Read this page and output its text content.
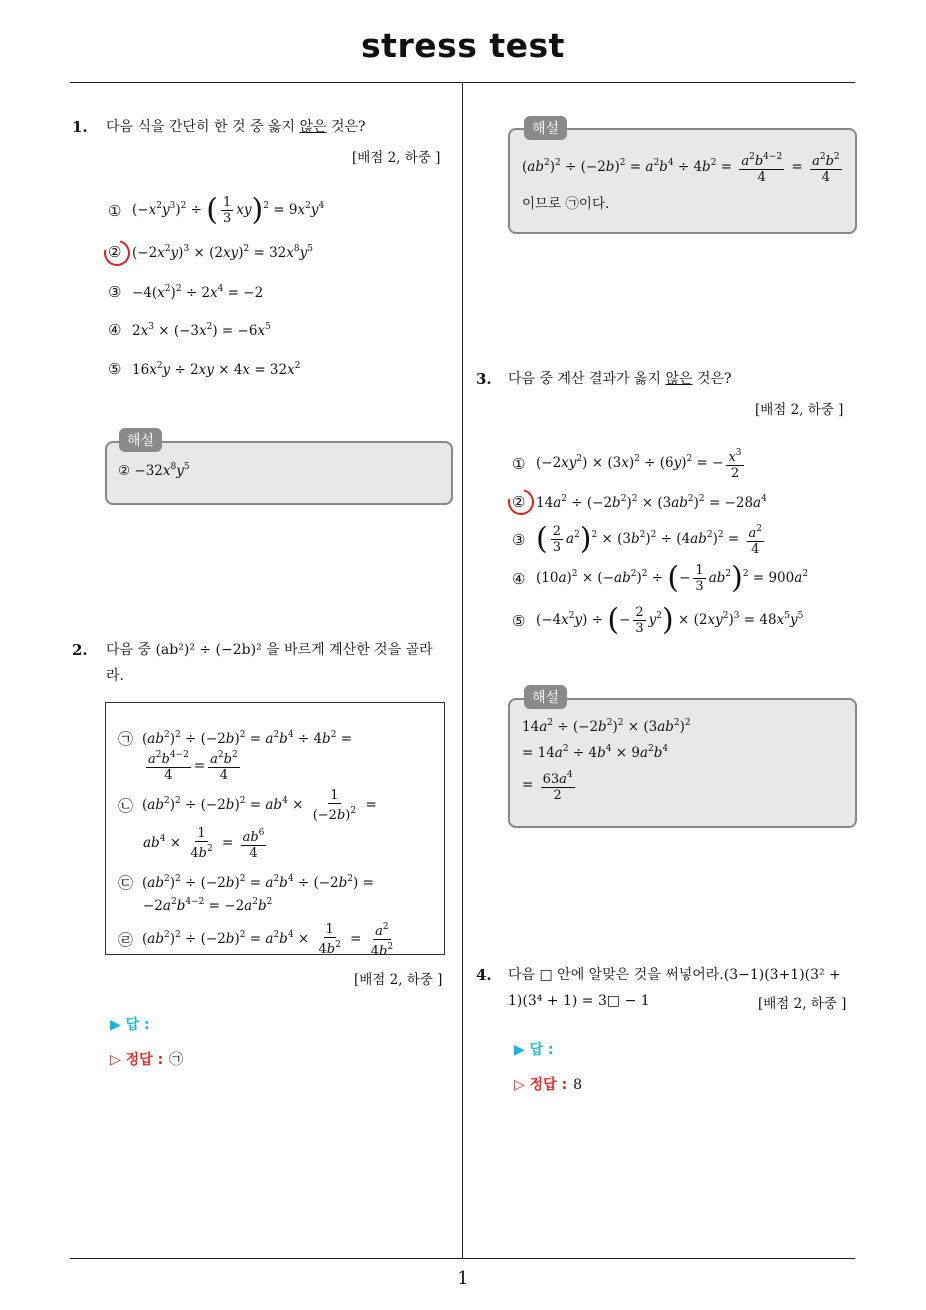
stress test
1
1. 다음 식을 간단히 한 것 중 옳지 않은 것은?
[배점 2, 하중 ]
① $(-x^2y^3)^2$ ÷ ( $\frac{1}{3} xy)^2 = 9x^2y^4$
② $(-2x^2y)^3 \times (2xy)^2 = 32x^8y^5$
③ $-4(x^2)^2 \div 2x^4 = -2$
④ $2x^3 \times (-3x^2) = -6x^5$
⑤ $16x^2y \div 2xy \times 4x = 32x^2$
해설
②
$-32x^8y^5$
2. 다음 중 (ab²)² ÷ (−2b)² 을 바르게 계산한 것을 골라
라.
㉠ $(ab^2)^2 \div (-2b)^2 = a^2b^4 \div 4b^2$ =
$\frac{a^2b^{4-2}}{4} = \frac{a^2b^2}{4}$
㉡ $(ab^2)^2 \div (-2b)^2 = ab^4 \times \frac{1}{(-2b)^2}$ =
$ab^4 \times \frac{1}{4b^2} = \frac{ab^6}{4}$
㉢ $(ab^2)^2 \div (-2b)^2 = a^2b^4 \div (-2b^2)$ =
$-2a^2b^{4-2} = -2a^2b^2$
㉣ $(ab^2)^2 \div (-2b)^2 = a^2b^4 \times \frac{1}{4b^2} = \frac{a^2}{4b^2}$
[배점 2, 하중 ]
▶ 답 :
▷ 정답 : ㉠
해설
$(ab^2)^2 \div (-2b)^2 = a^2b^4 \div 4b^2 = \frac{a^2b^{4-2}}{4} = \frac{a^2b^2}{4}$
이므로 ㉠이다.
3. 다음 중 계산 결과가 옳지 않은 것은?
[배점 2, 하중 ]
① $(-2xy^2) \times (3x)^2 \div (6y)^2$ = − $\frac{x^3}{2}$
② $14a^2 \div (-2b^2)^2 \times (3ab^2)^2 = -28a^4$
③ ( $\frac{2}{3} a^2)^2 \times (3b^2)^2 \div (4ab^2)^2 = \frac{a^2}{4}$
④ $(10a)^2 \times (-ab^2)^2$ ÷ (− $\frac{1}{3} ab^2)^2 = 900a^2$
⑤ $(-4x^2y)$ ÷ (− $\frac{2}{3} y^2) \times (2xy^2)^3 = 48x^5y^5$
해설
$14a^2 \div (-2b^2)^2 \times (3ab^2)^2$
= $14a^2 \div 4b^4 \times 9a^2b^4$
= $\frac{63a^4}{2}$
4. 다음 □ 안에 알맞은 것을 써넣어라.(3−1)(3+1)(3² +
1)(3⁴ + 1) = 3□ − 1	[배점 2, 하중 ]
▶ 답 :
▷ 정답 : 8
